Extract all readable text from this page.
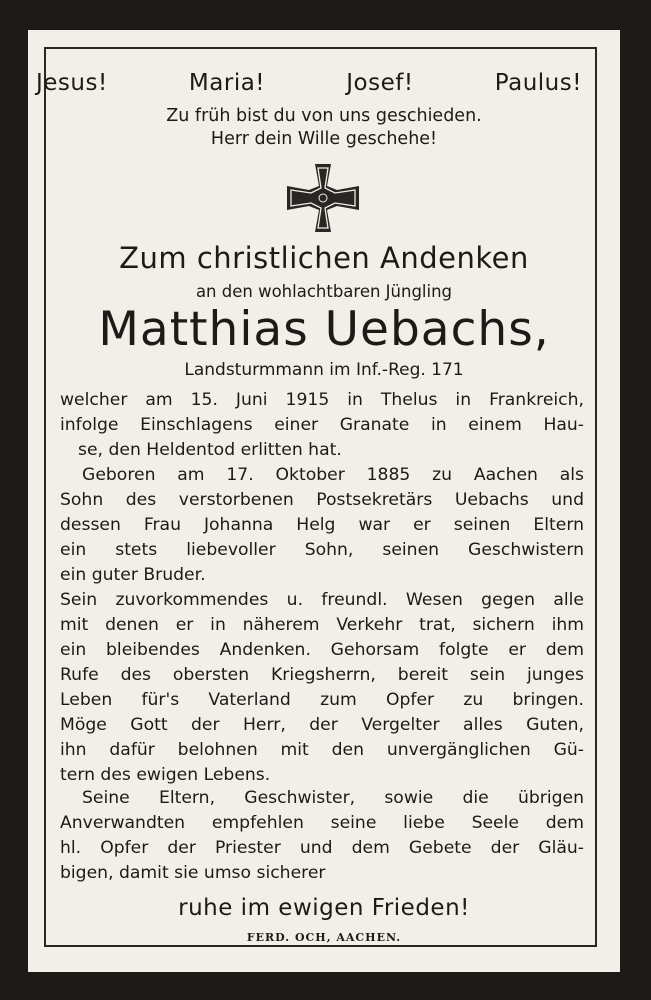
Jesus!	Maria!	Josef!	Paulus!
Zu früh bist du von uns geschieden.
Herr dein Wille geschehe!
Zum christlichen Andenken
an den wohlachtbaren Jüngling
Matthias Uebachs,
Landsturmmann im Inf.-Reg. 171
welcher am 15. Juni 1915 in Thelus in Frankreich,
infolge Einschlagens einer Granate in einem Hau-
se, den Heldentod erlitten hat.
Geboren am 17. Oktober 1885 zu Aachen als
Sohn des verstorbenen Postsekretärs Uebachs und
dessen Frau Johanna Helg war er seinen Eltern
ein stets liebevoller Sohn, seinen Geschwistern
ein guter Bruder.
Sein zuvorkommendes u. freundl. Wesen gegen alle
mit denen er in näherem Verkehr trat, sichern ihm
ein bleibendes Andenken. Gehorsam folgte er dem
Rufe des obersten Kriegsherrn, bereit sein junges
Leben für's Vaterland zum Opfer zu bringen.
Möge Gott der Herr, der Vergelter alles Guten,
ihn dafür belohnen mit den unvergänglichen Gü-
tern des ewigen Lebens.
Seine Eltern, Geschwister, sowie die übrigen
Anverwandten empfehlen seine liebe Seele dem
hl. Opfer der Priester und dem Gebete der Gläu-
bigen, damit sie umso sicherer
ruhe im ewigen Frieden!
FERD. OCH, AACHEN.
